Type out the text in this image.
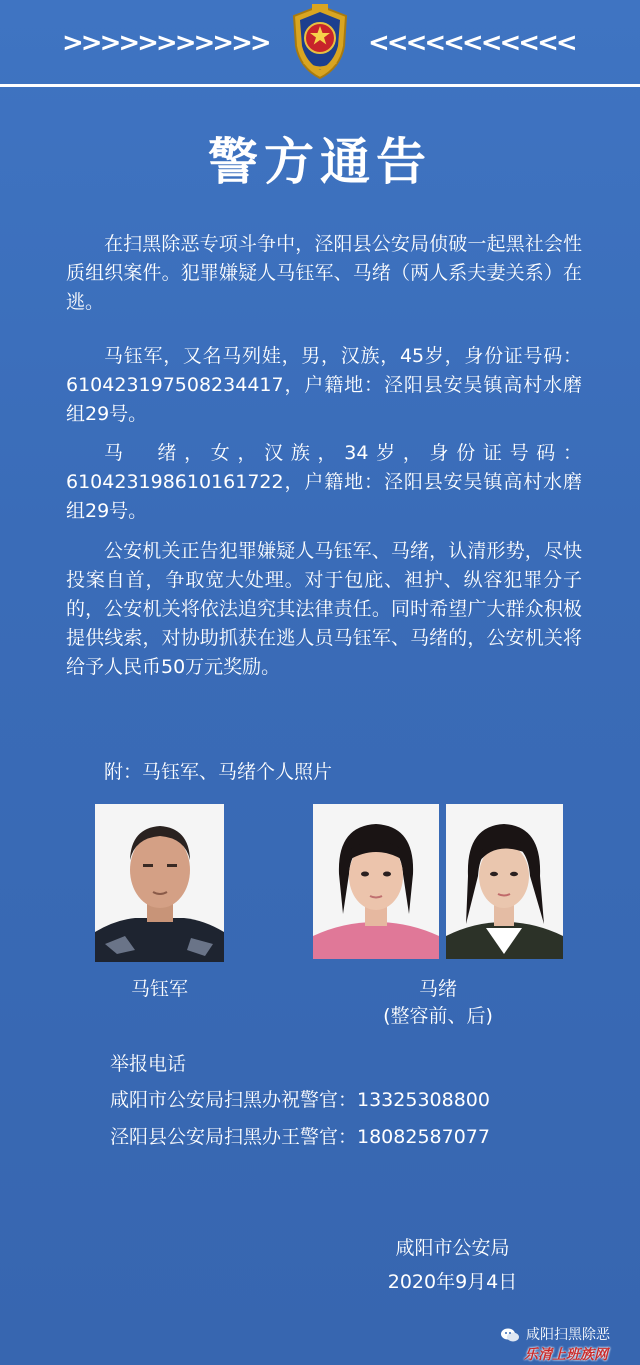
>>>>>>>>>>>	<<<<<<<<<<<
警方通告
在扫黑除恶专项斗争中，泾阳县公安局侦破一起黑社会性质组织案件。犯罪嫌疑人马钰军、马绪（两人系夫妻关系）在逃。
马钰军，又名马列娃，男，汉族，45岁，身份证号码：610423197508234417，户籍地：泾阳县安吴镇高村水磨组29号。
马　绪，女，汉族，34岁，身份证号码：610423198610161722，户籍地：泾阳县安吴镇高村水磨组29号。
公安机关正告犯罪嫌疑人马钰军、马绪，认清形势，尽快投案自首，争取宽大处理。对于包庇、袒护、纵容犯罪分子的，公安机关将依法追究其法律责任。同时希望广大群众积极提供线索，对协助抓获在逃人员马钰军、马绪的，公安机关将给予人民币50万元奖励。
附：马钰军、马绪个人照片
马钰军	马绪
(整容前、后)
举报电话
咸阳市公安局扫黑办祝警官：13325308800
泾阳县公安局扫黑办王警官：18082587077
咸阳市公安局
2020年9月4日
咸阳扫黑除恶
乐清上班族网
